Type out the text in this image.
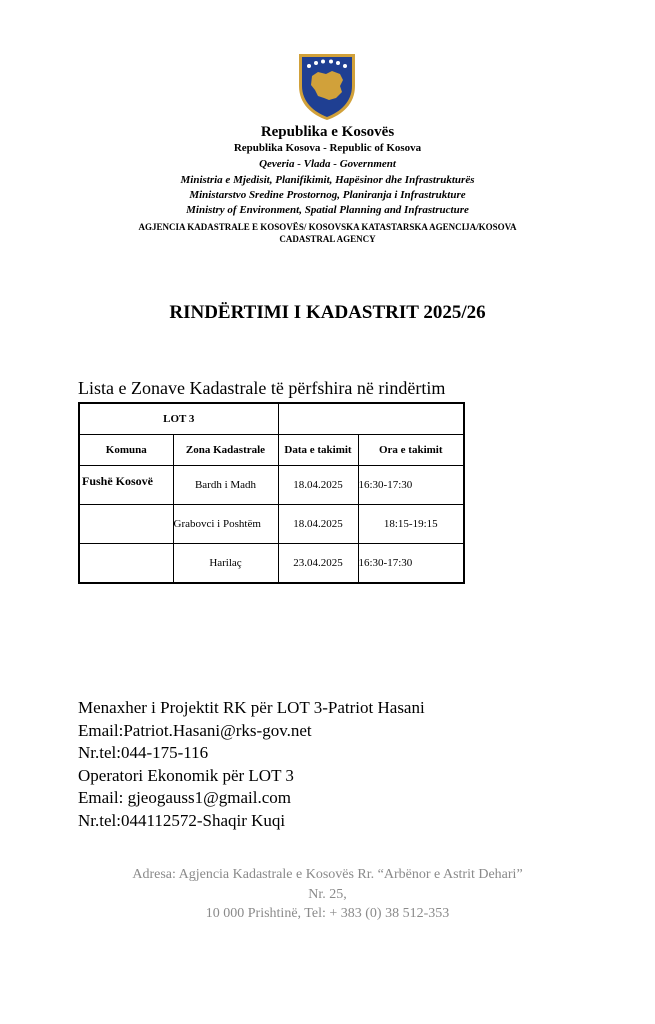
Republika e Kosovës
Republika Kosova - Republic of Kosova
Qeveria - Vlada - Government
Ministria e Mjedisit, Planifikimit, Hapësinor dhe Infrastrukturës
Ministarstvo Sredine Prostornog, Planiranja i Infrastrukture
Ministry of Environment, Spatial Planning and Infrastructure
AGJENCIA KADASTRALE E KOSOVËS/ KOSOVSKA KATASTARSKA AGENCIJA/KOSOVA
CADASTRAL AGENCY
RINDËRTIMI I KADASTRIT 2025/26
Lista e Zonave Kadastrale të përfshira në rindërtim
LOT 3			
Komuna	Zona Kadastrale	Data e takimit	Ora e takimit
Fushë Kosovë	Bardh i Madh	18.04.2025	16:30-17:30
	Grabovci i Poshtëm	18.04.2025	18:15-19:15
	Harilaç	23.04.2025	16:30-17:30
Menaxher i Projektit RK për LOT 3-Patriot Hasani
Email:Patriot.Hasani@rks-gov.net
Nr.tel:044-175-116
Operatori Ekonomik për LOT 3
Email: gjeogauss1@gmail.com
Nr.tel:044112572-Shaqir Kuqi
Adresa: Agjencia Kadastrale e Kosovës Rr. “Arbënor e Astrit Dehari”
Nr. 25,
10 000 Prishtinë, Tel: + 383 (0) 38 512-353
